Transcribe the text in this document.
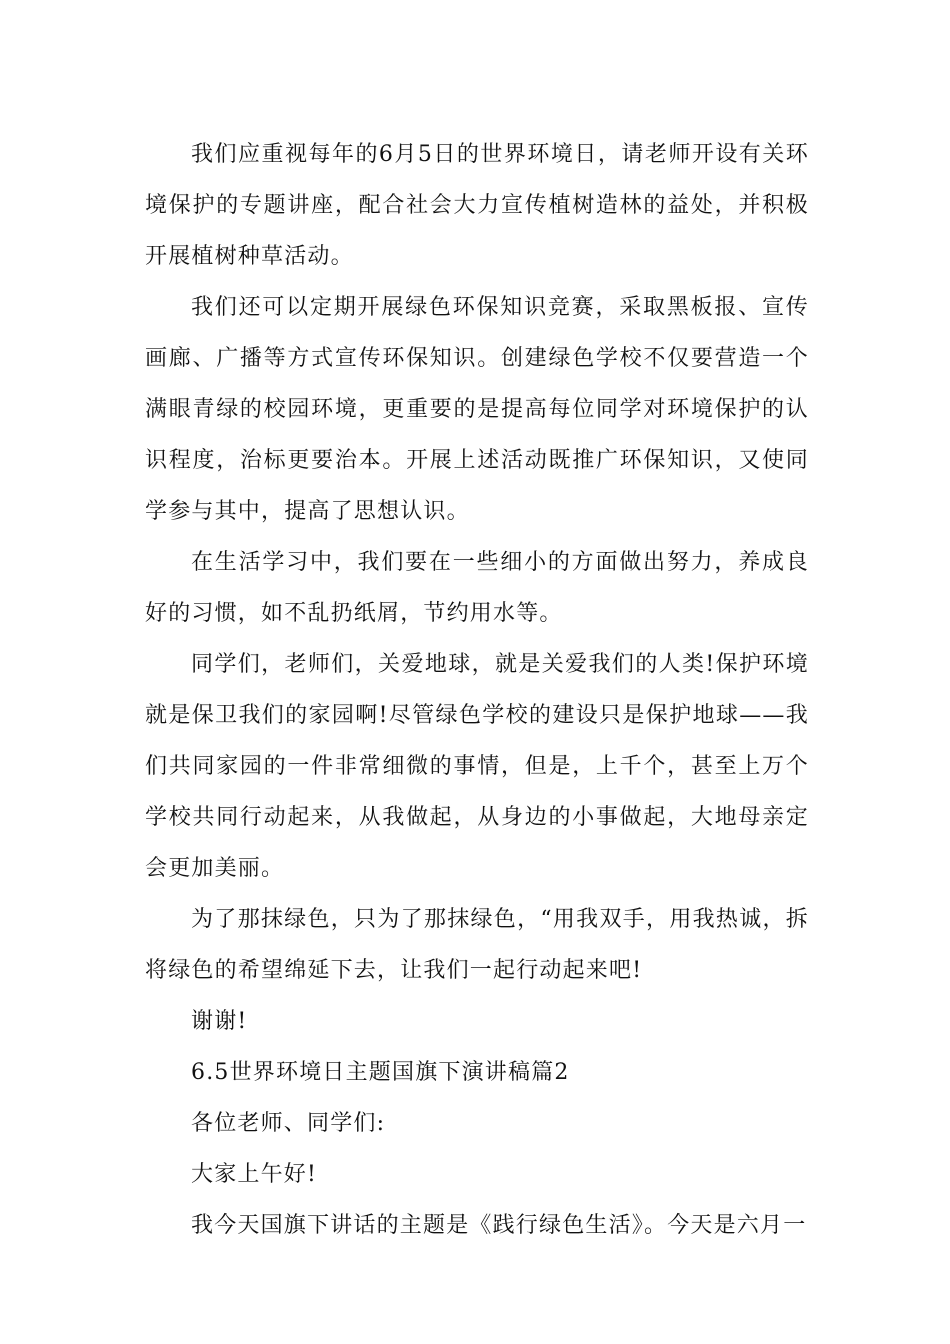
我们应重视每年的6月5日的世界环境日，请老师开设有关环境保护的专题讲座，配合社会大力宣传植树造林的益处，并积极开展植树种草活动。

我们还可以定期开展绿色环保知识竞赛，采取黑板报、宣传画廊、广播等方式宣传环保知识。创建绿色学校不仅要营造一个满眼青绿的校园环境，更重要的是提高每位同学对环境保护的认识程度，治标更要治本。开展上述活动既推广环保知识，又使同学参与其中，提高了思想认识。

在生活学习中，我们要在一些细小的方面做出努力，养成良好的习惯，如不乱扔纸屑，节约用水等。

同学们，老师们，关爱地球，就是关爱我们的人类!保护环境就是保卫我们的家园啊!尽管绿色学校的建设只是保护地球——我们共同家园的一件非常细微的事情，但是，上千个，甚至上万个学校共同行动起来，从我做起，从身边的小事做起，大地母亲定会更加美丽。

为了那抹绿色，只为了那抹绿色，“用我双手，用我热诚，拆将绿色的希望绵延下去，让我们一起行动起来吧!

谢谢!

6.5世界环境日主题国旗下演讲稿篇2

各位老师、同学们:

大家上午好!

我今天国旗下讲话的主题是《践行绿色生活》。今天是六月一
